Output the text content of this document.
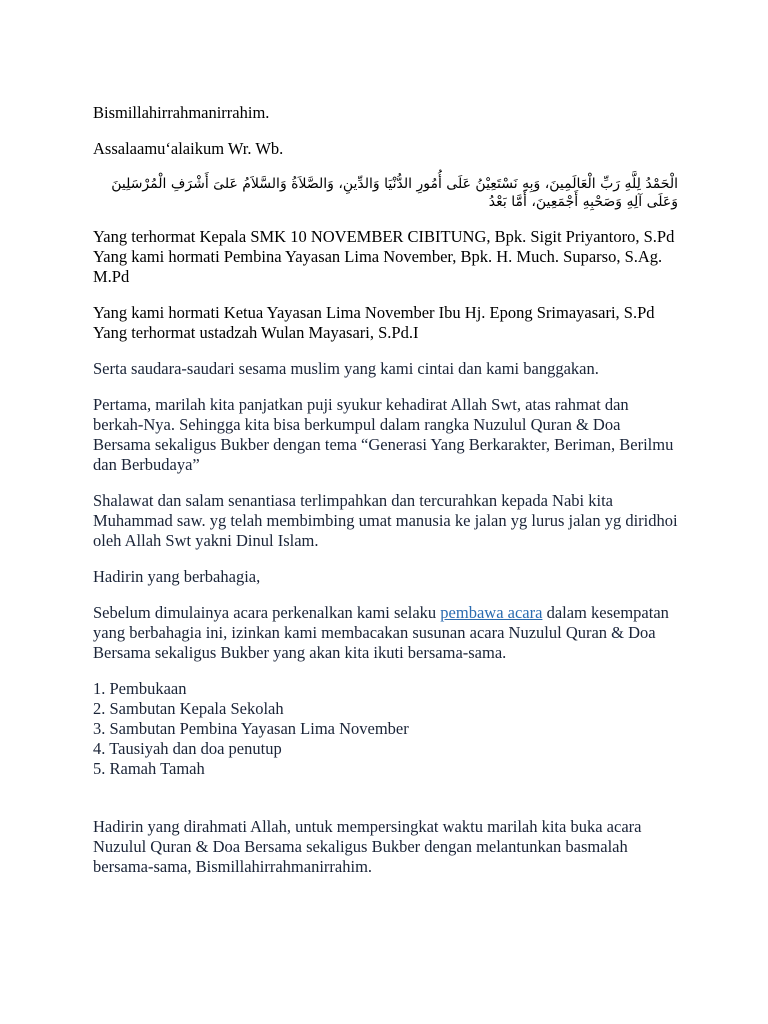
Bismillahirrahmanirrahim.

Assalaamu‘alaikum Wr. Wb.

الْحَمْدُ لِلَّهِ رَبِّ الْعَالَمِينَ، وَبِهِ نَسْتَعِيْنُ عَلَى أُمُورِ الدُّنْيَا وَالدِّينِ، وَالصَّلاَةُ وَالسَّلاَمُ عَلىَ أَشْرَفِ الْمُرْسَلِينَ وَعَلَى آلِهِ وَصَحْبِهِ أَجْمَعِينَ، أَمَّا بَعْدُ

Yang terhormat Kepala SMK 10 NOVEMBER CIBITUNG, Bpk. Sigit Priyantoro, S.Pd
Yang kami hormati Pembina Yayasan Lima November, Bpk. H. Much. Suparso, S.Ag. M.Pd

Yang kami hormati Ketua Yayasan Lima November Ibu Hj. Epong Srimayasari, S.Pd
Yang terhormat ustadzah Wulan Mayasari, S.Pd.I

Serta saudara-saudari sesama muslim yang kami cintai dan kami banggakan.

Pertama, marilah kita panjatkan puji syukur kehadirat Allah Swt, atas rahmat dan berkah-Nya. Sehingga kita bisa berkumpul dalam rangka Nuzulul Quran & Doa Bersama sekaligus Bukber dengan tema “Generasi Yang Berkarakter, Beriman, Berilmu dan Berbudaya”

Shalawat dan salam senantiasa terlimpahkan dan tercurahkan kepada Nabi kita Muhammad saw. yg telah membimbing umat manusia ke jalan yg lurus jalan yg diridhoi oleh Allah Swt yakni Dinul Islam.

Hadirin yang berbahagia,

Sebelum dimulainya acara perkenalkan kami selaku pembawa acara dalam kesempatan yang berbahagia ini, izinkan kami membacakan susunan acara Nuzulul Quran & Doa Bersama sekaligus Bukber yang akan kita ikuti bersama-sama.

1. Pembukaan
2. Sambutan Kepala Sekolah
3. Sambutan Pembina Yayasan Lima November
4. Tausiyah dan doa penutup
5. Ramah Tamah

Hadirin yang dirahmati Allah, untuk mempersingkat waktu marilah kita buka acara Nuzulul Quran & Doa Bersama sekaligus Bukber dengan melantunkan basmalah bersama-sama, Bismillahirrahmanirrahim.
